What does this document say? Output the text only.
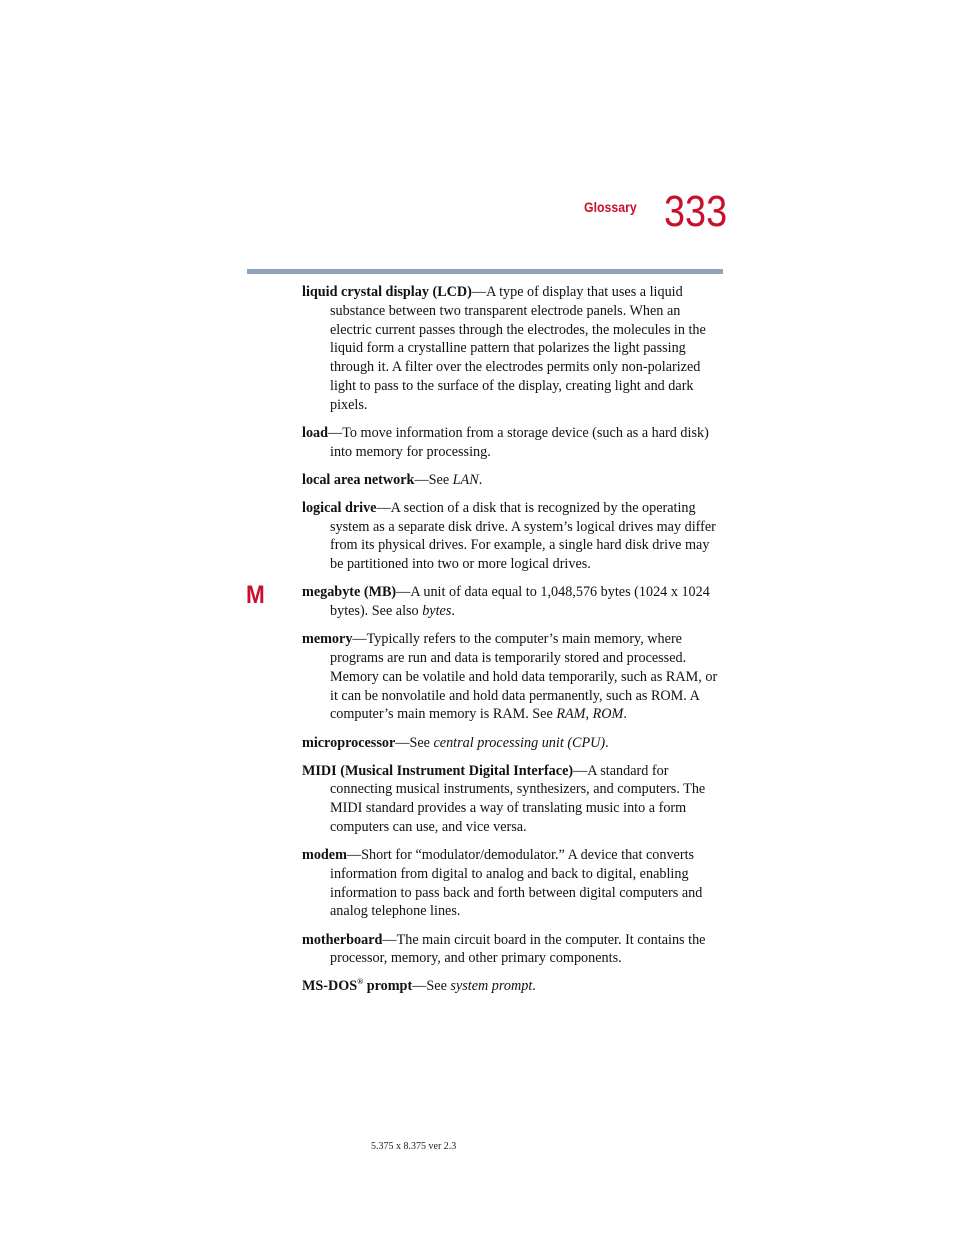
Glossary 333
M

liquid crystal display (LCD)—A type of display that uses a liquid substance between two transparent electrode panels. When an electric current passes through the electrodes, the molecules in the liquid form a crystalline pattern that polarizes the light passing through it. A filter over the electrodes permits only non-polarized light to pass to the surface of the display, creating light and dark pixels.

load—To move information from a storage device (such as a hard disk) into memory for processing.

local area network—See LAN.

logical drive—A section of a disk that is recognized by the operating system as a separate disk drive. A system’s logical drives may differ from its physical drives. For example, a single hard disk drive may be partitioned into two or more logical drives.

megabyte (MB)—A unit of data equal to 1,048,576 bytes (1024 x 1024 bytes). See also bytes.

memory—Typically refers to the computer’s main memory, where programs are run and data is temporarily stored and processed. Memory can be volatile and hold data temporarily, such as RAM, or it can be nonvolatile and hold data permanently, such as ROM. A computer’s main memory is RAM. See RAM, ROM.

microprocessor—See central processing unit (CPU).

MIDI (Musical Instrument Digital Interface)—A standard for connecting musical instruments, synthesizers, and computers. The MIDI standard provides a way of translating music into a form computers can use, and vice versa.

modem—Short for “modulator/demodulator.” A device that converts information from digital to analog and back to digital, enabling information to pass back and forth between digital computers and analog telephone lines.

motherboard—The main circuit board in the computer. It contains the processor, memory, and other primary components.

MS-DOS® prompt—See system prompt.

5.375 x 8.375 ver 2.3
